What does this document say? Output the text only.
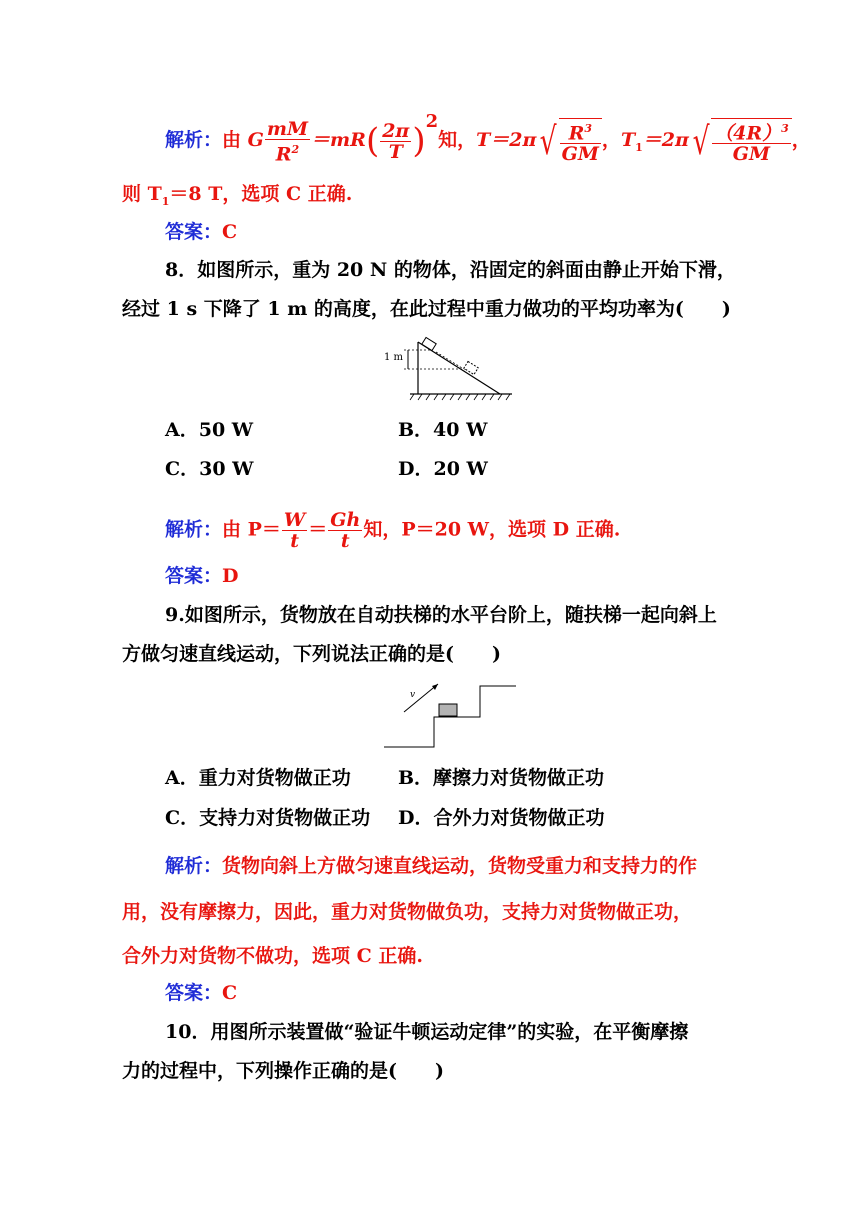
解析：由 G $\frac{mM}{R^2} =mR( \frac{2\pi}{T} )^2$知，$T=2\pi√ \frac{R^3}{GM}$ ，$T_1=2\pi√ \frac{(4R)^3}{GM}$ ，
则 $T_1=8$ T，选项 C 正确.
答案：C
8．如图所示，重为 20 N 的物体，沿固定的斜面由静止开始下滑，
经过 1 s 下降了 1 m 的高度，在此过程中重力做功的平均功率为(　　)
1 m
A．50 W	B．40 W
C．30 W	D．20 W
解析：由 $P= \frac{W}{t} = \frac{Gh}{t}$ 知，P＝20 W，选项 D 正确.
答案：D
9.如图所示，货物放在自动扶梯的水平台阶上，随扶梯一起向斜上
方做匀速直线运动，下列说法正确的是(　　)
v
A．重力对货物做正功 B．摩擦力对货物做正功
C．支持力对货物做正功 D．合外力对货物做正功
解析：货物向斜上方做匀速直线运动，货物受重力和支持力的作
用，没有摩擦力，因此，重力对货物做负功，支持力对货物做正功，
合外力对货物不做功，选项 C 正确.
答案：C
10．用图所示装置做“验证牛顿运动定律”的实验，在平衡摩擦
力的过程中，下列操作正确的是(　　)
